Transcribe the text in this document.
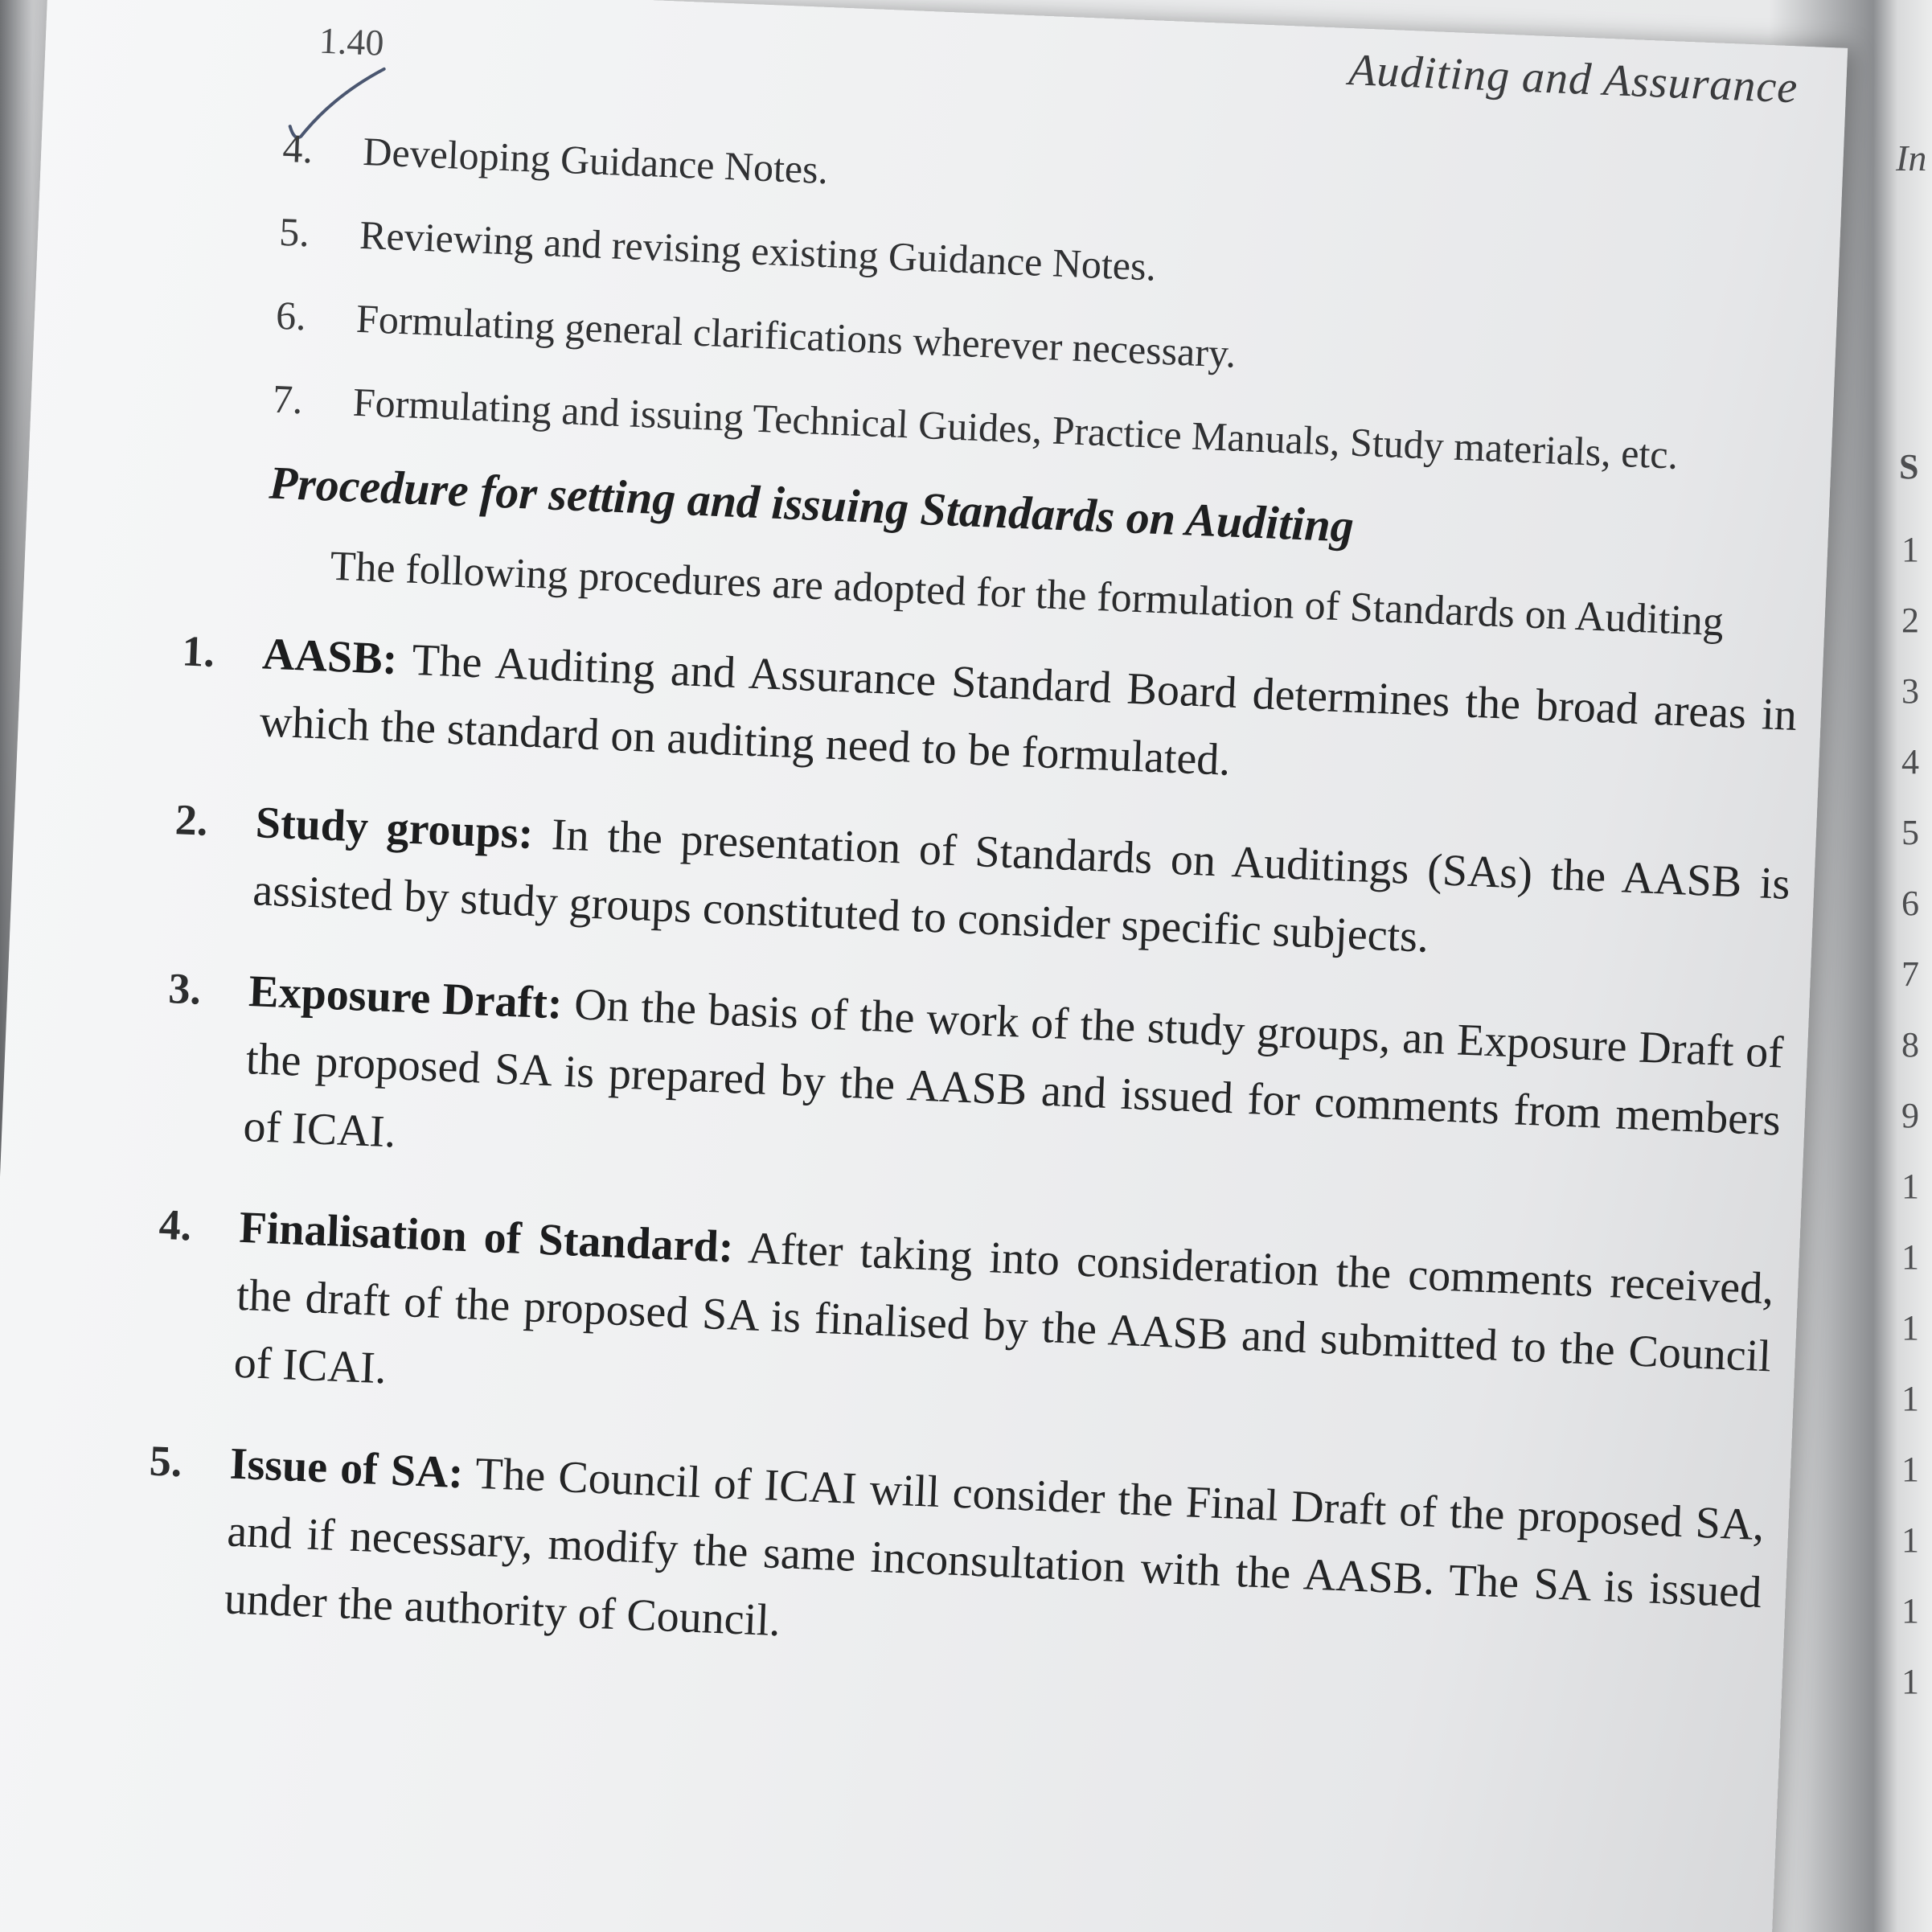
In
S
1
2
3
4
5
6
7
8
9
1
1
1
1
1
1
1
1
1.40
Auditing and Assurance
4.	Developing Guidance Notes.
5.	Reviewing and revising existing Guidance Notes.
6.	Formulating general clarifications wherever necessary.
7.	Formulating and issuing Technical Guides, Practice Manuals, Study materials, etc.
Procedure for setting and issuing Standards on Auditing
The following procedures are adopted for the formulation of Standards on Auditing
1.	AASB: The Auditing and Assurance Standard Board determines the broad areas in which the standard on auditing need to be formulated.
2.	Study groups: In the presentation of Standards on Auditings (SAs) the AASB is assisted by study groups constituted to consider specific subjects.
3.	Exposure Draft: On the basis of the work of the study groups, an Exposure Draft of the proposed SA is prepared by the AASB and issued for comments from members of ICAI.
4.	Finalisation of Standard: After taking into consideration the comments received, the draft of the proposed SA is finalised by the AASB and submitted to the Council of ICAI.
5.	Issue of SA: The Council of ICAI will consider the Final Draft of the proposed SA, and if necessary, modify the same inconsultation with the AASB. The SA is issued under the authority of Council.
